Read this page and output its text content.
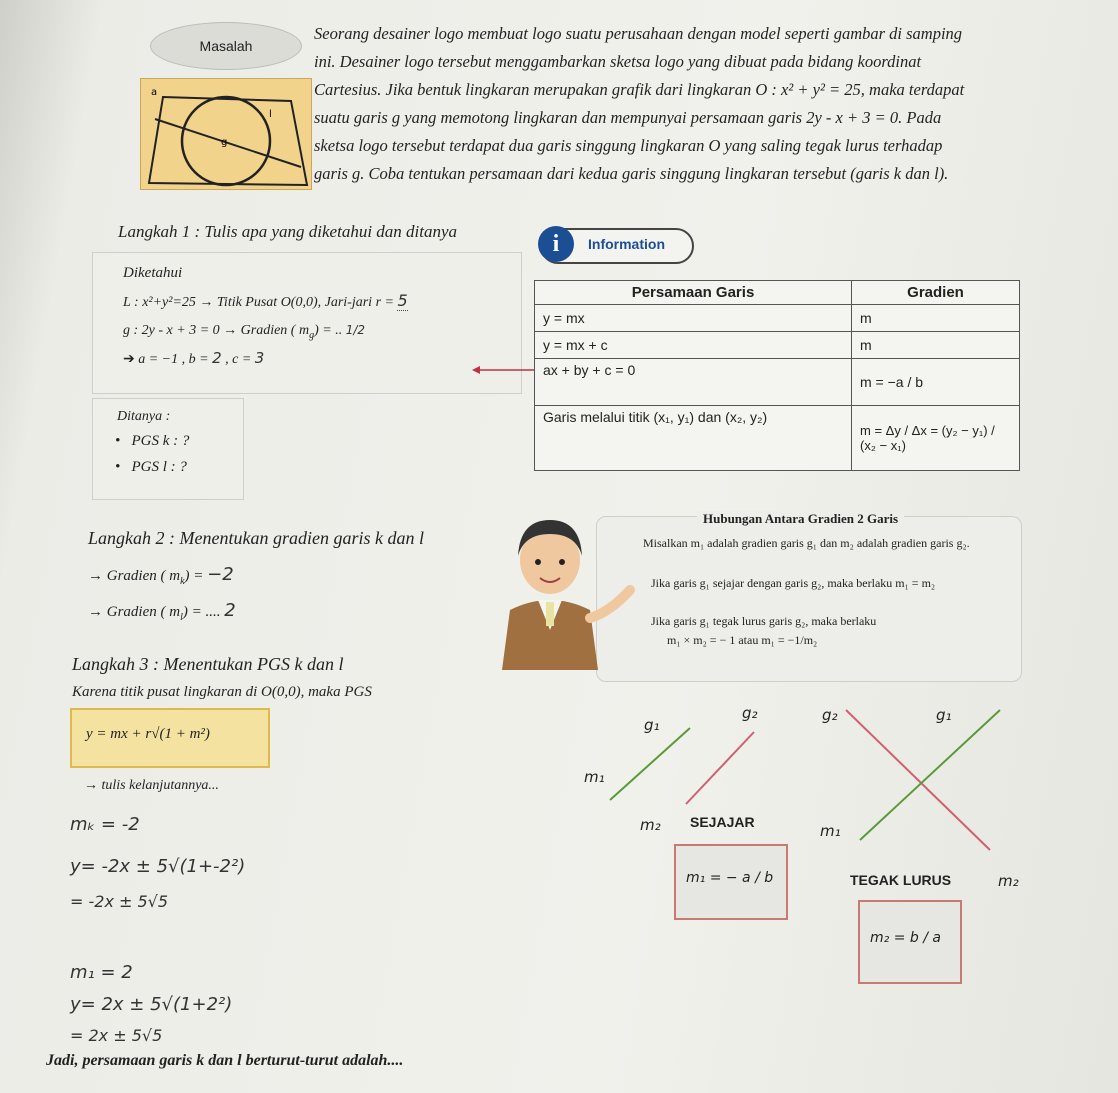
Masalah
a
l
g
Seorang desainer logo membuat logo suatu perusahaan dengan model seperti gambar di samping
ini. Desainer logo tersebut menggambarkan sketsa logo yang dibuat pada bidang koordinat
Cartesius. Jika bentuk lingkaran merupakan grafik dari lingkaran O : x² + y² = 25, maka terdapat
suatu garis g yang memotong lingkaran dan mempunyai persamaan garis 2y - x + 3 = 0. Pada
sketsa logo tersebut terdapat dua garis singgung lingkaran O yang saling tegak lurus terhadap
garis g. Coba tentukan persamaan dari kedua garis singgung lingkaran tersebut (garis k dan l).
Langkah 1 : Tulis apa yang diketahui dan ditanya
Diketahui
L : x²+y²=25 → Titik Pusat O(0,0), Jari-jari r = 5
g : 2y - x + 3 = 0 → Gradien ( $m_g$) = .. 1/2
➔ a = −1 , b = 2 , c = 3
Ditanya :
•   PGS k : ?
•   PGS l : ?
Information
i
Persamaan Garis	Gradien
y = mx	m
y = mx + c	m
ax + by + c = 0	m = −a / b
Garis melalui titik (x₁, y₁) dan (x₂, y₂)	m = Δy / Δx = (y₂ − y₁) / (x₂ − x₁)
Hubungan Antara Gradien 2 Garis
Misalkan m₁ adalah gradien garis g₁ dan m₂ adalah gradien garis g₂.
Jika garis g₁ sejajar dengan garis g₂, maka berlaku m₁ = m₂
Jika garis g₁ tegak lurus garis g₂, maka berlaku
m₁ × m₂ = − 1 atau m₁ = −1/m₂
Langkah 2 : Menentukan gradien garis k dan l
→ Gradien ( $m_k) = -2$
→ Gradien ( $m_l$) = .... 2
Langkah 3 : Menentukan PGS k dan l
Karena titik pusat lingkaran di O(0,0), maka PGS
y = mx + r√(1 + m²)
→ tulis kelanjutannya...
mₖ = -2
y= -2x ± 5√(1+-2²)
= -2x ± 5√5
m₁ = 2
y= 2x ± 5√(1+2²)
= 2x ± 5√5
Jadi, persamaan garis k dan l berturut-turut adalah....
g₁
g₂
m₁
m₂ SEJAJAR
m₁ = − a / b
g₂	g₁
m₁
TEGAK LURUS	m₂
m₂ = b / a
